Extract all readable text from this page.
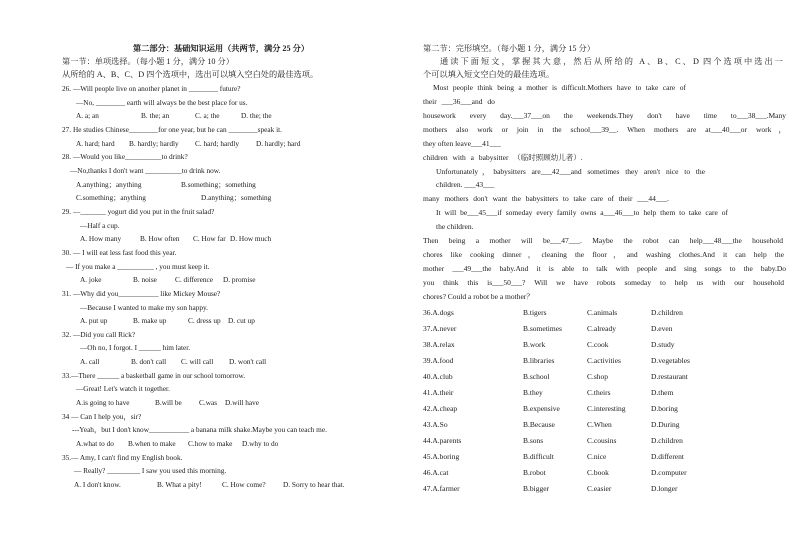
第二部分：基础知识运用（共两节，满分 25 分）
第一节：单项选择。（每小题 1 分，满分 10 分）
从所给的 A、B、C、D 四个选项中，选出可以填入空白处的最佳选项。
26. —Will people live on another planet in ________ future?
—No, ________ earth will always be the best place for us.
A. a; an	B. the; an	C. a; the	D. the; the
27. He studies Chinese________for one year, but he can ________speak it.
A. hard; hard B. hardly; hardly C. hard; hardly D. hardly; hard
28. —Would you like__________to drink?
—No,thanks I don't want __________to drink now.
A.anything；anything	B.something；something
C.something；anything	D.anything；something
29. —_______ yogurt did you put in the fruit salad?
—Half a cup.
A. How many	B. How often C. How far D. How much
30. — I will eat less fast food this year.
— If you make a __________ , you must keep it.
A. joke	B. noise C. difference D. promise
31. —Why did you___________ like Mickey Mouse?
—Because I wanted to make my son happy.
A. put up	B. make up	C. dress up D. cut up
32. —Did you call Rick?
—Oh no, I forgot. I ______ him later.
A. call	B. don't call C. will call D. won't call
33.—There ______ a basketball game in our school tomorrow.
—Great! Let's watch it together.
A.is going to have	B.will be C.was D.will have
34 — Can I help you，sir?
---Yeah，but I don't know___________ a banana milk shake.Maybe you can teach me.
A.what to do B.when to make C.how to make D.why to do
35.— Amy, I can't find my English book.
— Really? _________ I saw you used this morning.
A. I don't know.	B. What a pity!	C. How come? D. Sorry to hear that.
第二节：完形填空。（每小题 1 分，满分 15 分）
通读下面短文，掌握其大意，然后从所给的 A、B、C、D 四个选项中选出一
个可以填入短文空白处的最佳选项。
Most people think being a mother is difficult.Mothers have to take care of
their ___36___and do
housework every day.___37___on the weekends.They don't have time to___38___.Many
mothers also work or join in the school___39__. When mothers are at___40___or work，
they often leave___41___
children with a babysitter （临时照顾幼儿者）.
Unfortunately，babysitters are___42___and sometimes they aren't nice to the
children. ___43___
many mothers don't want the babysitters to take care of their ___44___.
It will be___45___if someday every family owns a___46___to help them to take care of
the children.
Then being a mother will be___47___. Maybe the robot can help___48___the household
chores like cooking dinner，cleaning the floor，and washing clothes.And it can help the
mother ___49___the baby.And it is able to talk with people and sing songs to the baby.Do
you think this is___50___? Will we have robots someday to help us with our household
chores? Could a robot be a mother？
36.A.dogs	B.tigers	C.animals	D.children
37.A.never	B.sometimes	C.already	D.even
38.A.relax	B.work	C.cook	D.study
39.A.food	B.libraries	C.activities	D.vegetables
40.A.club	B.school	C.shop	D.restaurant
41.A.their	B.they	C.theirs	D.them
42.A.cheap	B.expensive	C.interesting	D.boring
43.A.So	B.Because	C.When	D.During
44.A.parents	B.sons	C.cousins	D.children
45.A.boring	B.difficult	C.nice	D.different
46.A.cat	B.robot	C.book	D.computer
47.A.farmer	B.bigger	C.easier	D.longer
